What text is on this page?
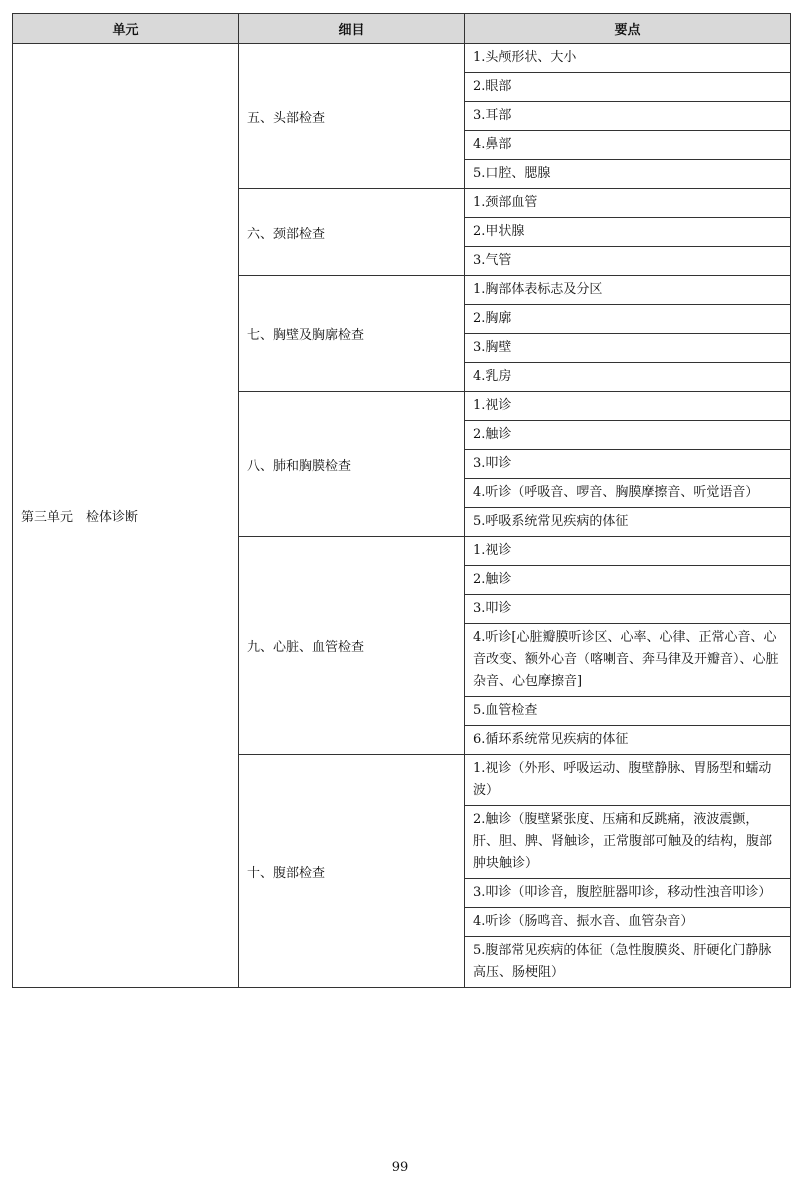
单元	细目	要点
第三单元　检体诊断	五、头部检查	1.头颅形状、大小
		2.眼部
		3.耳部
		4.鼻部
		5.口腔、腮腺
	六、颈部检查	1.颈部血管
		2.甲状腺
		3.气管
	七、胸壁及胸廓检查	1.胸部体表标志及分区
		2.胸廓
		3.胸壁
		4.乳房
	八、肺和胸膜检查	1.视诊
		2.触诊
		3.叩诊
		4.听诊（呼吸音、啰音、胸膜摩擦音、听觉语音）
		5.呼吸系统常见疾病的体征
	九、心脏、血管检查	1.视诊
		2.触诊
		3.叩诊
		4.听诊[心脏瓣膜听诊区、心率、心律、正常心音、心音改变、额外心音（喀喇音、奔马律及开瓣音）、心脏杂音、心包摩擦音]
		5.血管检查
		6.循环系统常见疾病的体征
	十、腹部检查	1.视诊（外形、呼吸运动、腹壁静脉、胃肠型和蠕动波）
		2.触诊（腹壁紧张度、压痛和反跳痛，液波震颤，肝、胆、脾、肾触诊，正常腹部可触及的结构，腹部肿块触诊）
		3.叩诊（叩诊音，腹腔脏器叩诊，移动性浊音叩诊）
		4.听诊（肠鸣音、振水音、血管杂音）
		5.腹部常见疾病的体征（急性腹膜炎、肝硬化门静脉高压、肠梗阻）
99
